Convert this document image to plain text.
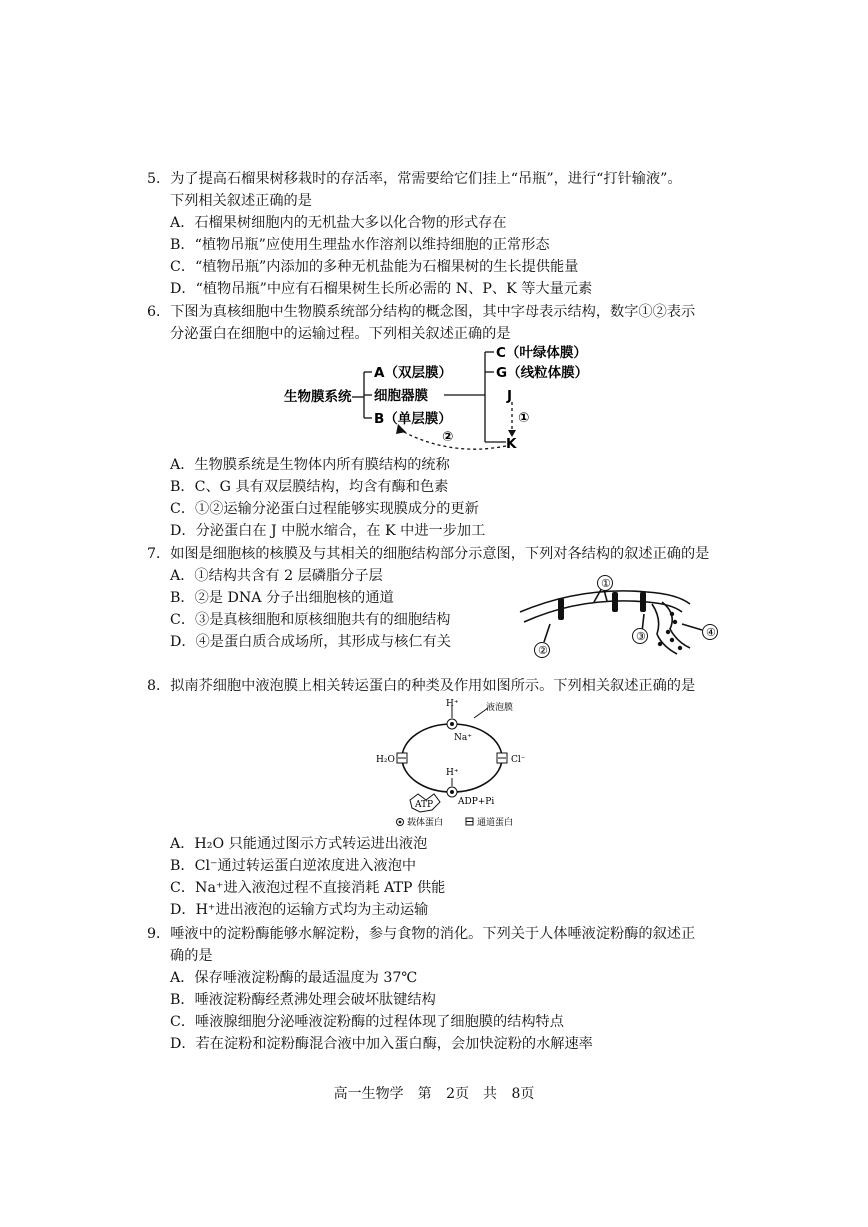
5．为了提高石榴果树移栽时的存活率，常需要给它们挂上“吊瓶”，进行“打针输液”。
下列相关叙述正确的是
A．石榴果树细胞内的无机盐大多以化合物的形式存在
B．“植物吊瓶”应使用生理盐水作溶剂以维持细胞的正常形态
C．“植物吊瓶”内添加的多种无机盐能为石榴果树的生长提供能量
D．“植物吊瓶”中应有石榴果树生长所必需的 N、P、K 等大量元素
6．下图为真核细胞中生物膜系统部分结构的概念图，其中字母表示结构，数字①②表示
分泌蛋白在细胞中的运输过程。下列相关叙述正确的是
生物膜系统
A（双层膜）
细胞器膜
B（单层膜）
C（叶绿体膜）
G（线粒体膜）
J
K
①
②
A．生物膜系统是生物体内所有膜结构的统称
B．C、G 具有双层膜结构，均含有酶和色素
C．①②运输分泌蛋白过程能够实现膜成分的更新
D．分泌蛋白在 J 中脱水缩合，在 K 中进一步加工
7．如图是细胞核的核膜及与其相关的细胞结构部分示意图，下列对各结构的叙述正确的是
A．①结构共含有 2 层磷脂分子层
B．②是 DNA 分子出细胞核的通道
C．③是真核细胞和原核细胞共有的细胞结构
D．④是蛋白质合成场所，其形成与核仁有关
①
②
③	④
8．拟南芥细胞中液泡膜上相关转运蛋白的种类及作用如图所示。下列相关叙述正确的是
H⁺
Na⁺
H₂O	Cl⁻
H⁺
液泡膜
ATP	ADP+Pi
载体蛋白	通道蛋白
A．H₂O 只能通过图示方式转运进出液泡
B．Cl⁻通过转运蛋白逆浓度进入液泡中
C．Na⁺进入液泡过程不直接消耗 ATP 供能
D．H⁺进出液泡的运输方式均为主动运输
9．唾液中的淀粉酶能够水解淀粉，参与食物的消化。下列关于人体唾液淀粉酶的叙述正
确的是
A．保存唾液淀粉酶的最适温度为 37℃
B．唾液淀粉酶经煮沸处理会破坏肽键结构
C．唾液腺细胞分泌唾液淀粉酶的过程体现了细胞膜的结构特点
D．若在淀粉和淀粉酶混合液中加入蛋白酶，会加快淀粉的水解速率
高一生物学　第 2页　共 8页
